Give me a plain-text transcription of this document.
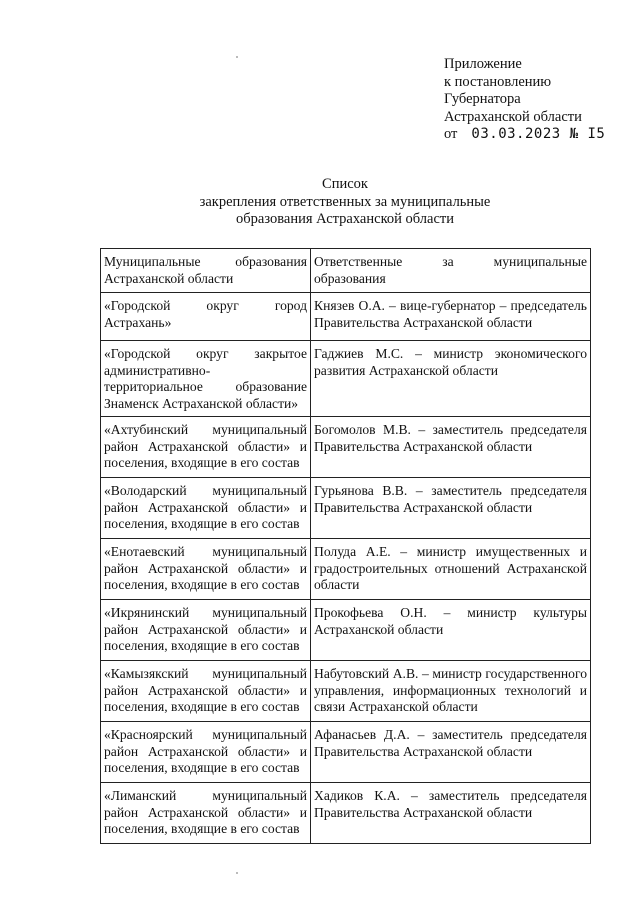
Приложение
к постановлению
Губернатора
Астраханской области
от 03.03.2023 № I5
Список
закрепления ответственных за муниципальные
образования Астраханской области
Муниципальные образования Астраханской области	Ответственные за муниципальные образования
«Городской округ город Астрахань»	Князев О.А. – вице-губернатор – председатель Правительства Астраханской области
«Городской округ закрытое административно-территориальное образование Знаменск Астраханской области»	Гаджиев М.С. – министр экономического развития Астраханской области
«Ахтубинский муниципальный район Астраханской области» и поселения, входящие в его состав	Богомолов М.В. – заместитель председателя Правительства Астраханской области
«Володарский муниципальный район Астраханской области» и поселения, входящие в его состав	Гурьянова В.В. – заместитель председателя Правительства Астраханской области
«Енотаевский муниципальный район Астраханской области» и поселения, входящие в его состав	Полуда А.Е. – министр имущественных и градостроительных отношений Астраханской области
«Икрянинский муниципальный район Астраханской области» и поселения, входящие в его состав	Прокофьева О.Н. – министр культуры Астраханской области
«Камызякский муниципальный район Астраханской области» и поселения, входящие в его состав	Набутовский А.В. – министр государственного управления, информационных технологий и связи Астраханской области
«Красноярский муниципальный район Астраханской области» и поселения, входящие в его состав	Афанасьев Д.А. – заместитель председателя Правительства Астраханской области
«Лиманский муниципальный район Астраханской области» и поселения, входящие в его состав	Хадиков К.А. – заместитель председателя Правительства Астраханской области
